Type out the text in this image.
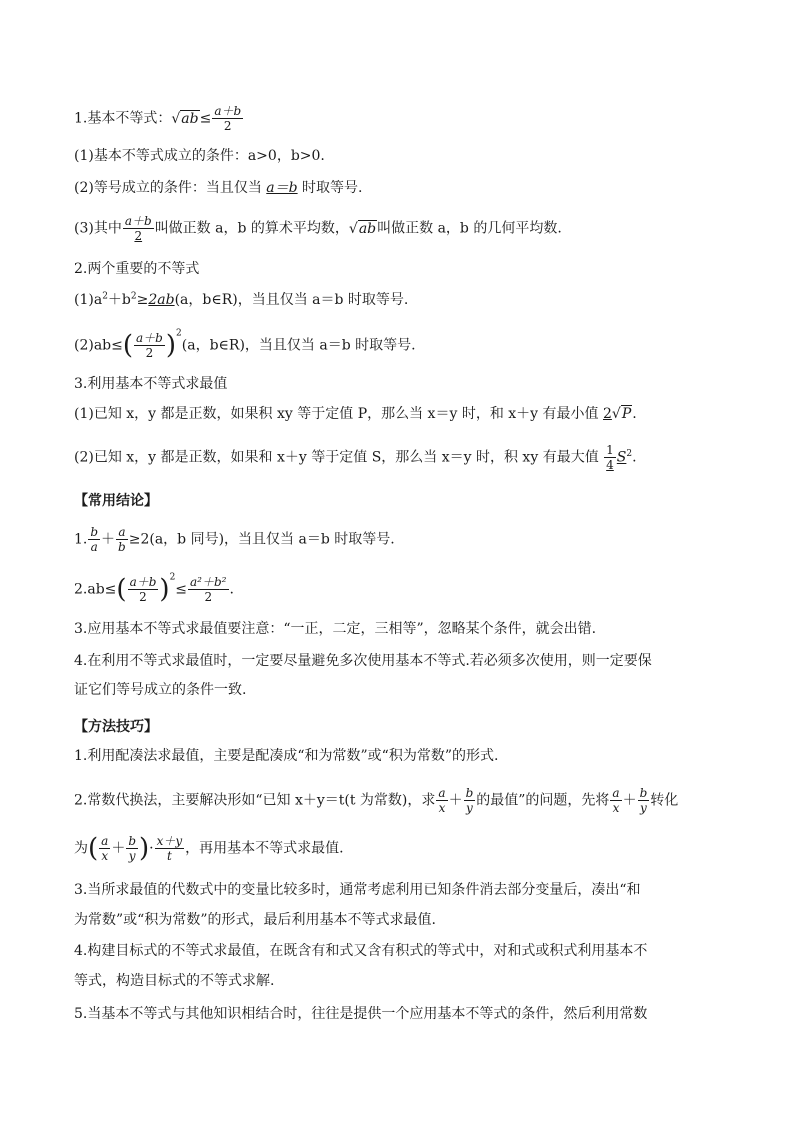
1.基本不等式：$√ab\le \frac{a+b}{2}$
(1)基本不等式成立的条件：a>0，b>0.
(2)等号成立的条件：当且仅当 a＝b 时取等号.
(3)其中 $\frac{a+b}{2}$ 叫做正数 a，b 的算术平均数，√ab叫做正数 a，b 的几何平均数.
2.两个重要的不等式
$(1)a^2+b^2\ge 2ab(a$，b∈R)，当且仅当 a＝b 时取等号.
$(2)ab\le( \frac{a+b}{2} )^2(a$，b∈R)，当且仅当 a＝b 时取等号.
3.利用基本不等式求最值
(1)已知 x，y 都是正数，如果积 xy 等于定值 P，那么当 x＝y 时，和 x＋y 有最小值 2√P.
(2)已知 x，y 都是正数，如果和 x＋y 等于定值 S，那么当 x＝y 时，积 xy 有最大值 $\frac{1}{4} S^2$.
【常用结论】
1. $\frac{b}{a} + \frac{a}{b} \ge 2(a$，b 同号)，当且仅当 a＝b 时取等号.
$2.ab\le( \frac{a+b}{2} )^2\le \frac{\text{a²＋b²}}{2}$ .
3.应用基本不等式求最值要注意：“一正，二定，三相等”，忽略某个条件，就会出错.
4.在利用不等式求最值时，一定要尽量避免多次使用基本不等式.若必须多次使用，则一定要保
证它们等号成立的条件一致.
【方法技巧】
1.利用配凑法求最值，主要是配凑成“和为常数”或“积为常数”的形式.
2.常数代换法，主要解决形如“已知 x＋y＝t(t 为常数)，求 $\frac{a}{x} + \frac{b}{y}$ 的最值”的问题，先将 $\frac{a}{x} + \frac{b}{y}$ 转化
为( $\frac{a}{x} + \frac{b}{y}$ )· $\frac{x+y}{t}$ ，再用基本不等式求最值.
3.当所求最值的代数式中的变量比较多时，通常考虑利用已知条件消去部分变量后，凑出“和
为常数”或“积为常数”的形式，最后利用基本不等式求最值.
4.构建目标式的不等式求最值，在既含有和式又含有积式的等式中，对和式或积式利用基本不
等式，构造目标式的不等式求解.
5.当基本不等式与其他知识相结合时，往往是提供一个应用基本不等式的条件，然后利用常数
